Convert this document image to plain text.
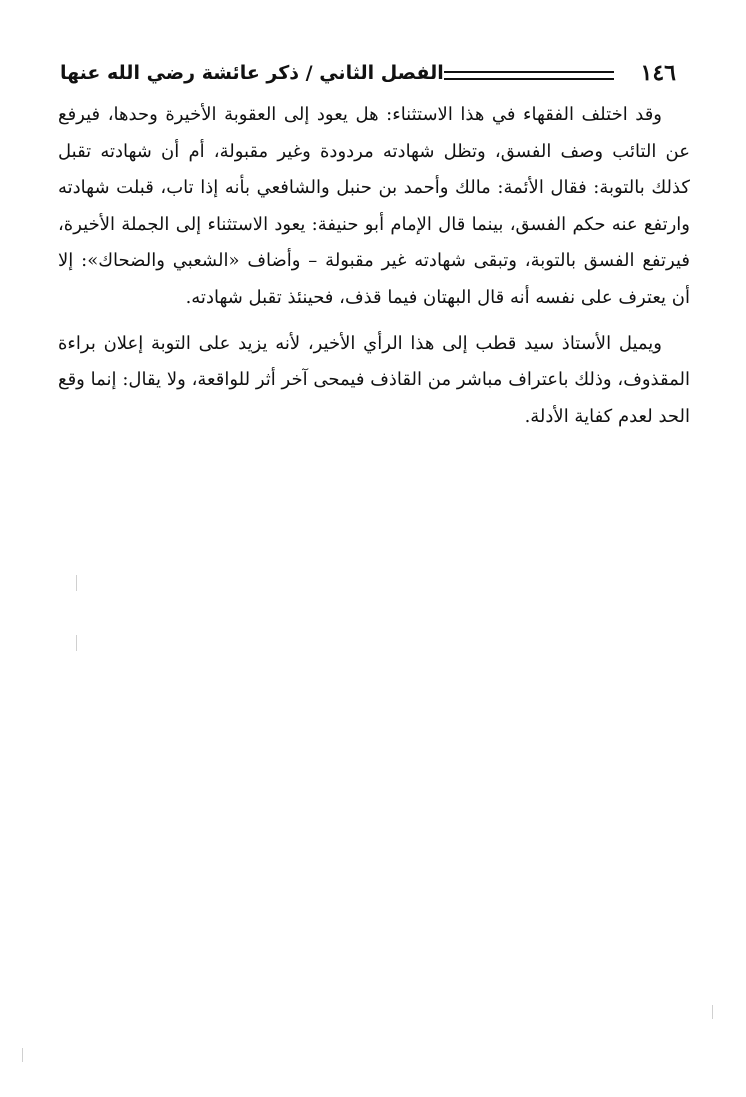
١٤٦
الفصل الثاني / ذكر عائشة رضي الله عنها

وقد اختلف الفقهاء في هذا الاستثناء: هل يعود إلى العقوبة الأخيرة وحدها، فيرفع عن التائب وصف الفسق، وتظل شهادته مردودة وغير مقبولة، أم أن شهادته تقبل كذلك بالتوبة: فقال الأئمة: مالك وأحمد بن حنبل والشافعي بأنه إذا تاب، قبلت شهادته وارتفع عنه حكم الفسق، بينما قال الإمام أبو حنيفة: يعود الاستثناء إلى الجملة الأخيرة، فيرتفع الفسق بالتوبة، وتبقى شهادته غير مقبولة – وأضاف «الشعبي والضحاك»: إلا أن يعترف على نفسه أنه قال البهتان فيما قذف، فحينئذ تقبل شهادته.

ويميل الأستاذ سيد قطب إلى هذا الرأي الأخير، لأنه يزيد على التوبة إعلان براءة المقذوف، وذلك باعتراف مباشر من القاذف فيمحى آخر أثر للواقعة، ولا يقال: إنما وقع الحد لعدم كفاية الأدلة.
